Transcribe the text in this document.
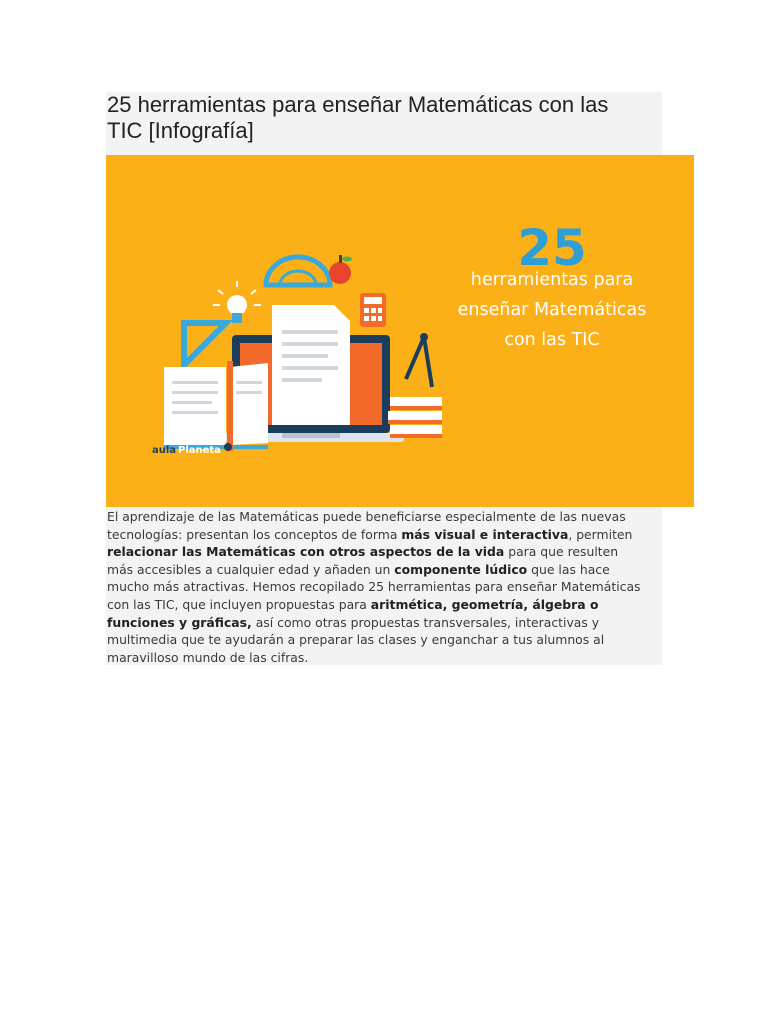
25 herramientas para enseñar Matemáticas con las TIC [Infografía]
aula Planeta
25
herramientas para
enseñar Matemáticas
con las TIC

El aprendizaje de las Matemáticas puede beneficiarse especialmente de las nuevas tecnologías: presentan los conceptos de forma más visual e interactiva, permiten relacionar las Matemáticas con otros aspectos de la vida para que resulten más accesibles a cualquier edad y añaden un componente lúdico que las hace mucho más atractivas. Hemos recopilado 25 herramientas para enseñar Matemáticas con las TIC, que incluyen propuestas para aritmética, geometría, álgebra o funciones y gráficas, así como otras propuestas transversales, interactivas y multimedia que te ayudarán a preparar las clases y enganchar a tus alumnos al maravilloso mundo de las cifras.
